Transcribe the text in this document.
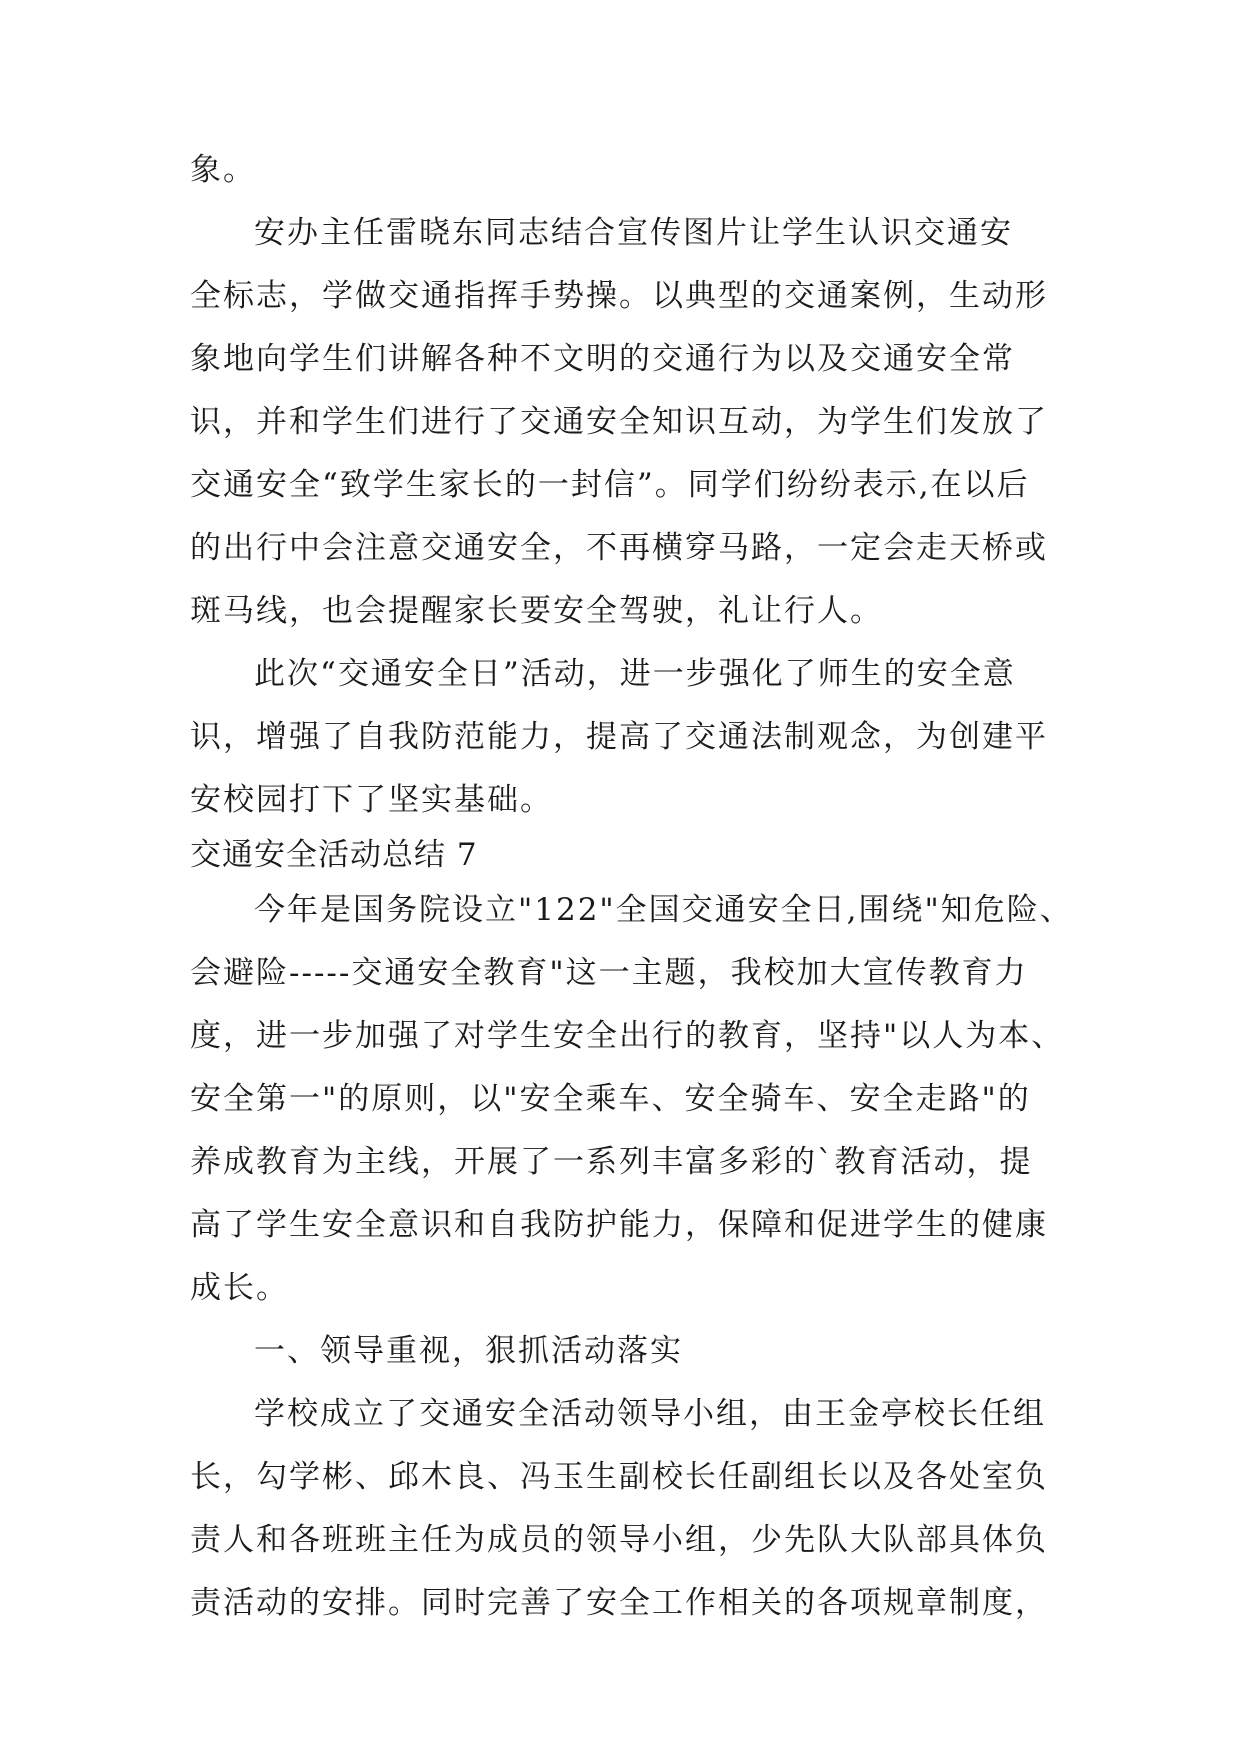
象。
安办主任雷晓东同志结合宣传图片让学生认识交通安
全标志，学做交通指挥手势操。以典型的交通案例，生动形
象地向学生们讲解各种不文明的交通行为以及交通安全常
识，并和学生们进行了交通安全知识互动，为学生们发放了
交通安全“致学生家长的一封信”。同学们纷纷表示,在以后
的出行中会注意交通安全，不再横穿马路，一定会走天桥或
斑马线，也会提醒家长要安全驾驶，礼让行人。
此次“交通安全日”活动，进一步强化了师生的安全意
识，增强了自我防范能力，提高了交通法制观念，为创建平
安校园打下了坚实基础。
交通安全活动总结 7
今年是国务院设立"122"全国交通安全日,围绕"知危险、
会避险-----交通安全教育"这一主题，我校加大宣传教育力
度，进一步加强了对学生安全出行的教育，坚持"以人为本、
安全第一"的原则，以"安全乘车、安全骑车、安全走路"的
养成教育为主线，开展了一系列丰富多彩的`教育活动，提
高了学生安全意识和自我防护能力，保障和促进学生的健康
成长。
一、领导重视，狠抓活动落实
学校成立了交通安全活动领导小组，由王金亭校长任组
长，勾学彬、邱木良、冯玉生副校长任副组长以及各处室负
责人和各班班主任为成员的领导小组，少先队大队部具体负
责活动的安排。同时完善了安全工作相关的各项规章制度，
